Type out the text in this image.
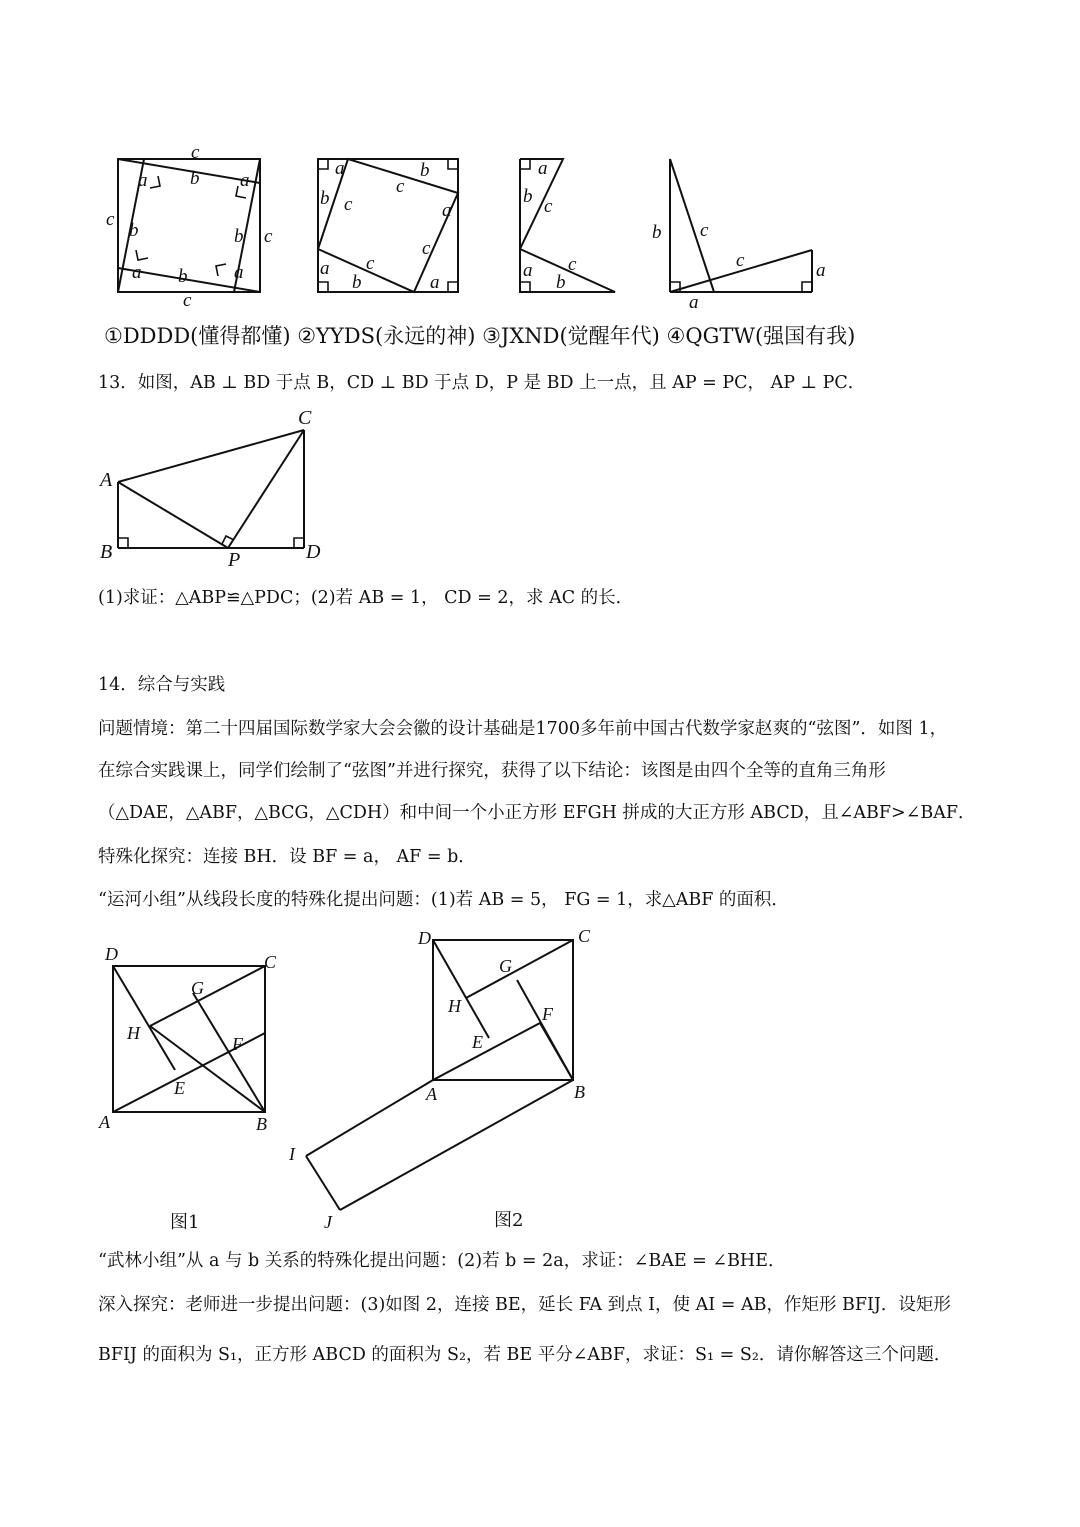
c
a b a
c
b	b c
a b a
c
a	b
b c
c
a
c
c
a
b	a
a
b c
a c
b
b c
c	a
a
C
A
B	P	D
D	C
G
H
F
E
A	B
D	C
G
H	F
E
A	B
I
J
①DDDD(懂得都懂) ②YYDS(永远的神) ③JXND(觉醒年代) ④QGTW(强国有我)
13．如图，AB ⊥ BD 于点 B，CD ⊥ BD 于点 D，P 是 BD 上一点，且 AP = PC， AP ⊥ PC．
(1)求证：△ABP≌△PDC；(2)若 AB = 1， CD = 2，求 AC 的长．
14．综合与实践
问题情境：第二十四届国际数学家大会会徽的设计基础是1700多年前中国古代数学家赵爽的“弦图”．如图 1，
在综合实践课上，同学们绘制了“弦图”并进行探究，获得了以下结论：该图是由四个全等的直角三角形
（△DAE，△ABF，△BCG，△CDH）和中间一个小正方形 EFGH 拼成的大正方形 ABCD，且∠ABF>∠BAF．
特殊化探究：连接 BH．设 BF = a， AF = b．
“运河小组”从线段长度的特殊化提出问题：(1)若 AB = 5， FG = 1，求△ABF 的面积．
图1	图2
“武林小组”从 a 与 b 关系的特殊化提出问题：(2)若 b = 2a，求证：∠BAE = ∠BHE．
深入探究：老师进一步提出问题：(3)如图 2，连接 BE，延长 FA 到点 I，使 AI = AB，作矩形 BFIJ．设矩形
BFIJ 的面积为 S₁，正方形 ABCD 的面积为 S₂，若 BE 平分∠ABF，求证：S₁ = S₂．请你解答这三个问题．
